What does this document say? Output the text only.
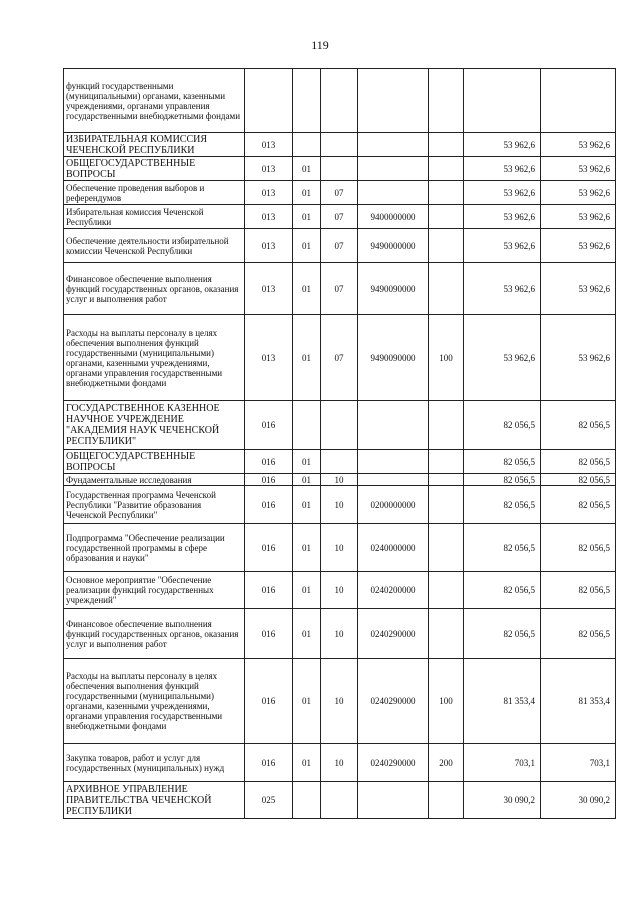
119
функций государственными (муниципальными) органами, казенными учреждениями, органами управления государственными внебюджетными фондами							
ИЗБИРАТЕЛЬНАЯ КОМИССИЯ ЧЕЧЕНСКОЙ РЕСПУБЛИКИ	013					53 962,6	53 962,6
ОБЩЕГОСУДАРСТВЕННЫЕ ВОПРОСЫ	013	01				53 962,6	53 962,6
Обеспечение проведения выборов и референдумов	013	01	07			53 962,6	53 962,6
Избирательная комиссия Чеченской Республики	013	01	07	9400000000		53 962,6	53 962,6
Обеспечение деятельности избирательной комиссии Чеченской Республики	013	01	07	9490000000		53 962,6	53 962,6
Финансовое обеспечение выполнения функций государственных органов, оказания услуг и выполнения работ	013	01	07	9490090000		53 962,6	53 962,6
Расходы на выплаты персоналу в целях обеспечения выполнения функций государственными (муниципальными) органами, казенными учреждениями, органами управления государственными внебюджетными фондами	013	01	07	9490090000	100	53 962,6	53 962,6
ГОСУДАРСТВЕННОЕ КАЗЕННОЕ НАУЧНОЕ УЧРЕЖДЕНИЕ "АКАДЕМИЯ НАУК ЧЕЧЕНСКОЙ РЕСПУБЛИКИ"	016					82 056,5	82 056,5
ОБЩЕГОСУДАРСТВЕННЫЕ ВОПРОСЫ	016	01				82 056,5	82 056,5
Фундаментальные исследования	016	01	10			82 056,5	82 056,5
Государственная программа Чеченской Республики "Развитие образования Чеченской Республики"	016	01	10	0200000000		82 056,5	82 056,5
Подпрограмма "Обеспечение реализации государственной программы в сфере образования и науки"	016	01	10	0240000000		82 056,5	82 056,5
Основное мероприятие "Обеспечение реализации функций государственных учреждений"	016	01	10	0240200000		82 056,5	82 056,5
Финансовое обеспечение выполнения функций государственных органов, оказания услуг и выполнения работ	016	01	10	0240290000		82 056,5	82 056,5
Расходы на выплаты персоналу в целях обеспечения выполнения функций государственными (муниципальными) органами, казенными учреждениями, органами управления государственными внебюджетными фондами	016	01	10	0240290000	100	81 353,4	81 353,4
Закупка товаров, работ и услуг для государственных (муниципальных) нужд	016	01	10	0240290000	200	703,1	703,1
АРХИВНОЕ УПРАВЛЕНИЕ ПРАВИТЕЛЬСТВА ЧЕЧЕНСКОЙ РЕСПУБЛИКИ	025					30 090,2	30 090,2
